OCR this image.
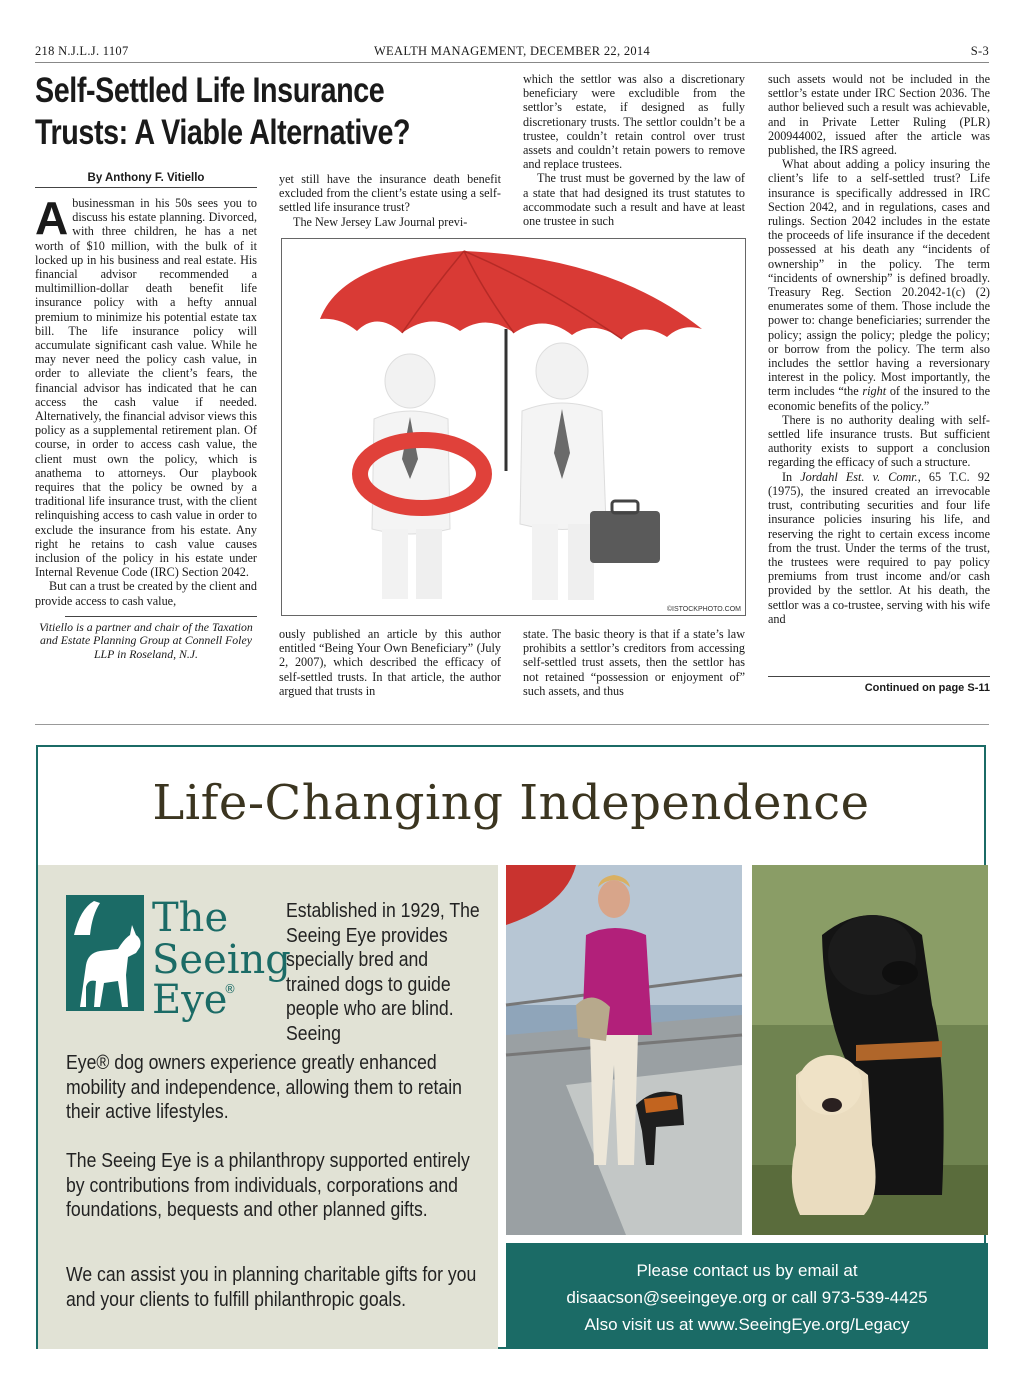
218 N.J.L.J. 1107	WEALTH MANAGEMENT, DECEMBER 22, 2014	S-3
Self-Settled Life Insurance
Trusts: A Viable Alternative?
By Anthony F. Vitiello

Abusinessman in his 50s sees you to discuss his estate planning. Divorced, with three children, he has a net worth of $10 million, with the bulk of it locked up in his business and real estate. His financial advisor recommended a multimillion-dollar death benefit life insurance policy with a hefty annual premium to minimize his potential estate tax bill. The life insurance policy will accumulate significant cash value. While he may never need the policy cash value, in order to alleviate the client’s fears, the financial advisor has indicated that he can access the cash value if needed. Alternatively, the financial advisor views this policy as a supplemental retirement plan. Of course, in order to access cash value, the client must own the policy, which is anathema to attorneys. Our playbook requires that the policy be owned by a traditional life insurance trust, with the client relinquishing access to cash value in order to exclude the insurance from his estate. Any right he retains to cash value causes inclusion of the policy in his estate under Internal Revenue Code (IRC) Section 2042.

But can a trust be created by the client and provide access to cash value,

Vitiello is a partner and chair of the Taxation and Estate Planning Group at Connell Foley LLP in Roseland, N.J.

yet still have the insurance death benefit excluded from the client’s estate using a self-settled life insurance trust?

The New Jersey Law Journal previ-

which the settlor was also a discretionary beneficiary were excludible from the settlor’s estate, if designed as fully discretionary trusts. The settlor couldn’t be a trustee, couldn’t retain control over trust assets and couldn’t retain powers to remove and replace trustees.

The trust must be governed by the law of a state that had designed its trust statutes to accommodate such a result and have at least one trustee in such

©ISTOCKPHOTO.COM

ously published an article by this author entitled “Being Your Own Beneficiary” (July 2, 2007), which described the efficacy of self-settled trusts. In that article, the author argued that trusts in

state. The basic theory is that if a state’s law prohibits a settlor’s creditors from accessing self-settled trust assets, then the settlor has not retained “possession or enjoyment of” such assets, and thus

such assets would not be included in the settlor’s estate under IRC Section 2036. The author believed such a result was achievable, and in Private Letter Ruling (PLR) 200944002, issued after the article was published, the IRS agreed.

What about adding a policy insuring the client’s life to a self-settled trust? Life insurance is specifically addressed in IRC Section 2042, and in regulations, cases and rulings. Section 2042 includes in the estate the proceeds of life insurance if the decedent possessed at his death any “incidents of ownership” in the policy. The term “incidents of ownership” is defined broadly. Treasury Reg. Section 20.2042-1(c) (2) enumerates some of them. Those include the power to: change beneficiaries; surrender the policy; assign the policy; pledge the policy; or borrow from the policy. The term also includes the settlor having a reversionary interest in the policy. Most importantly, the term includes “the right of the insured to the economic benefits of the policy.”

There is no authority dealing with self-settled life insurance trusts. But sufficient authority exists to support a conclusion regarding the efficacy of such a structure.

In Jordahl Est. v. Comr., 65 T.C. 92 (1975), the insured created an irrevocable trust, contributing securities and four life insurance policies insuring his life, and reserving the right to certain excess income from the trust. Under the terms of the trust, the trustees were required to pay policy premiums from trust income and/or cash provided by the settlor. At his death, the settlor was a co-trustee, serving with his wife and

Continued on page S-11
Life-Changing Independence
The
Seeing
Eye
®
Established in 1929, The Seeing Eye provides specially bred and trained dogs to guide people who are blind. Seeing
Eye® dog owners experience greatly enhanced mobility and independence, allowing them to retain their active lifestyles.
The Seeing Eye is a philanthropy supported entirely by contributions from individuals, corporations and foundations, bequests and other planned gifts.
We can assist you in planning charitable gifts for you and your clients to fulfill philanthropic goals.
Please contact us by email at
disaacson@seeingeye.org or call 973-539-4425
Also visit us at www.SeeingEye.org/Legacy
